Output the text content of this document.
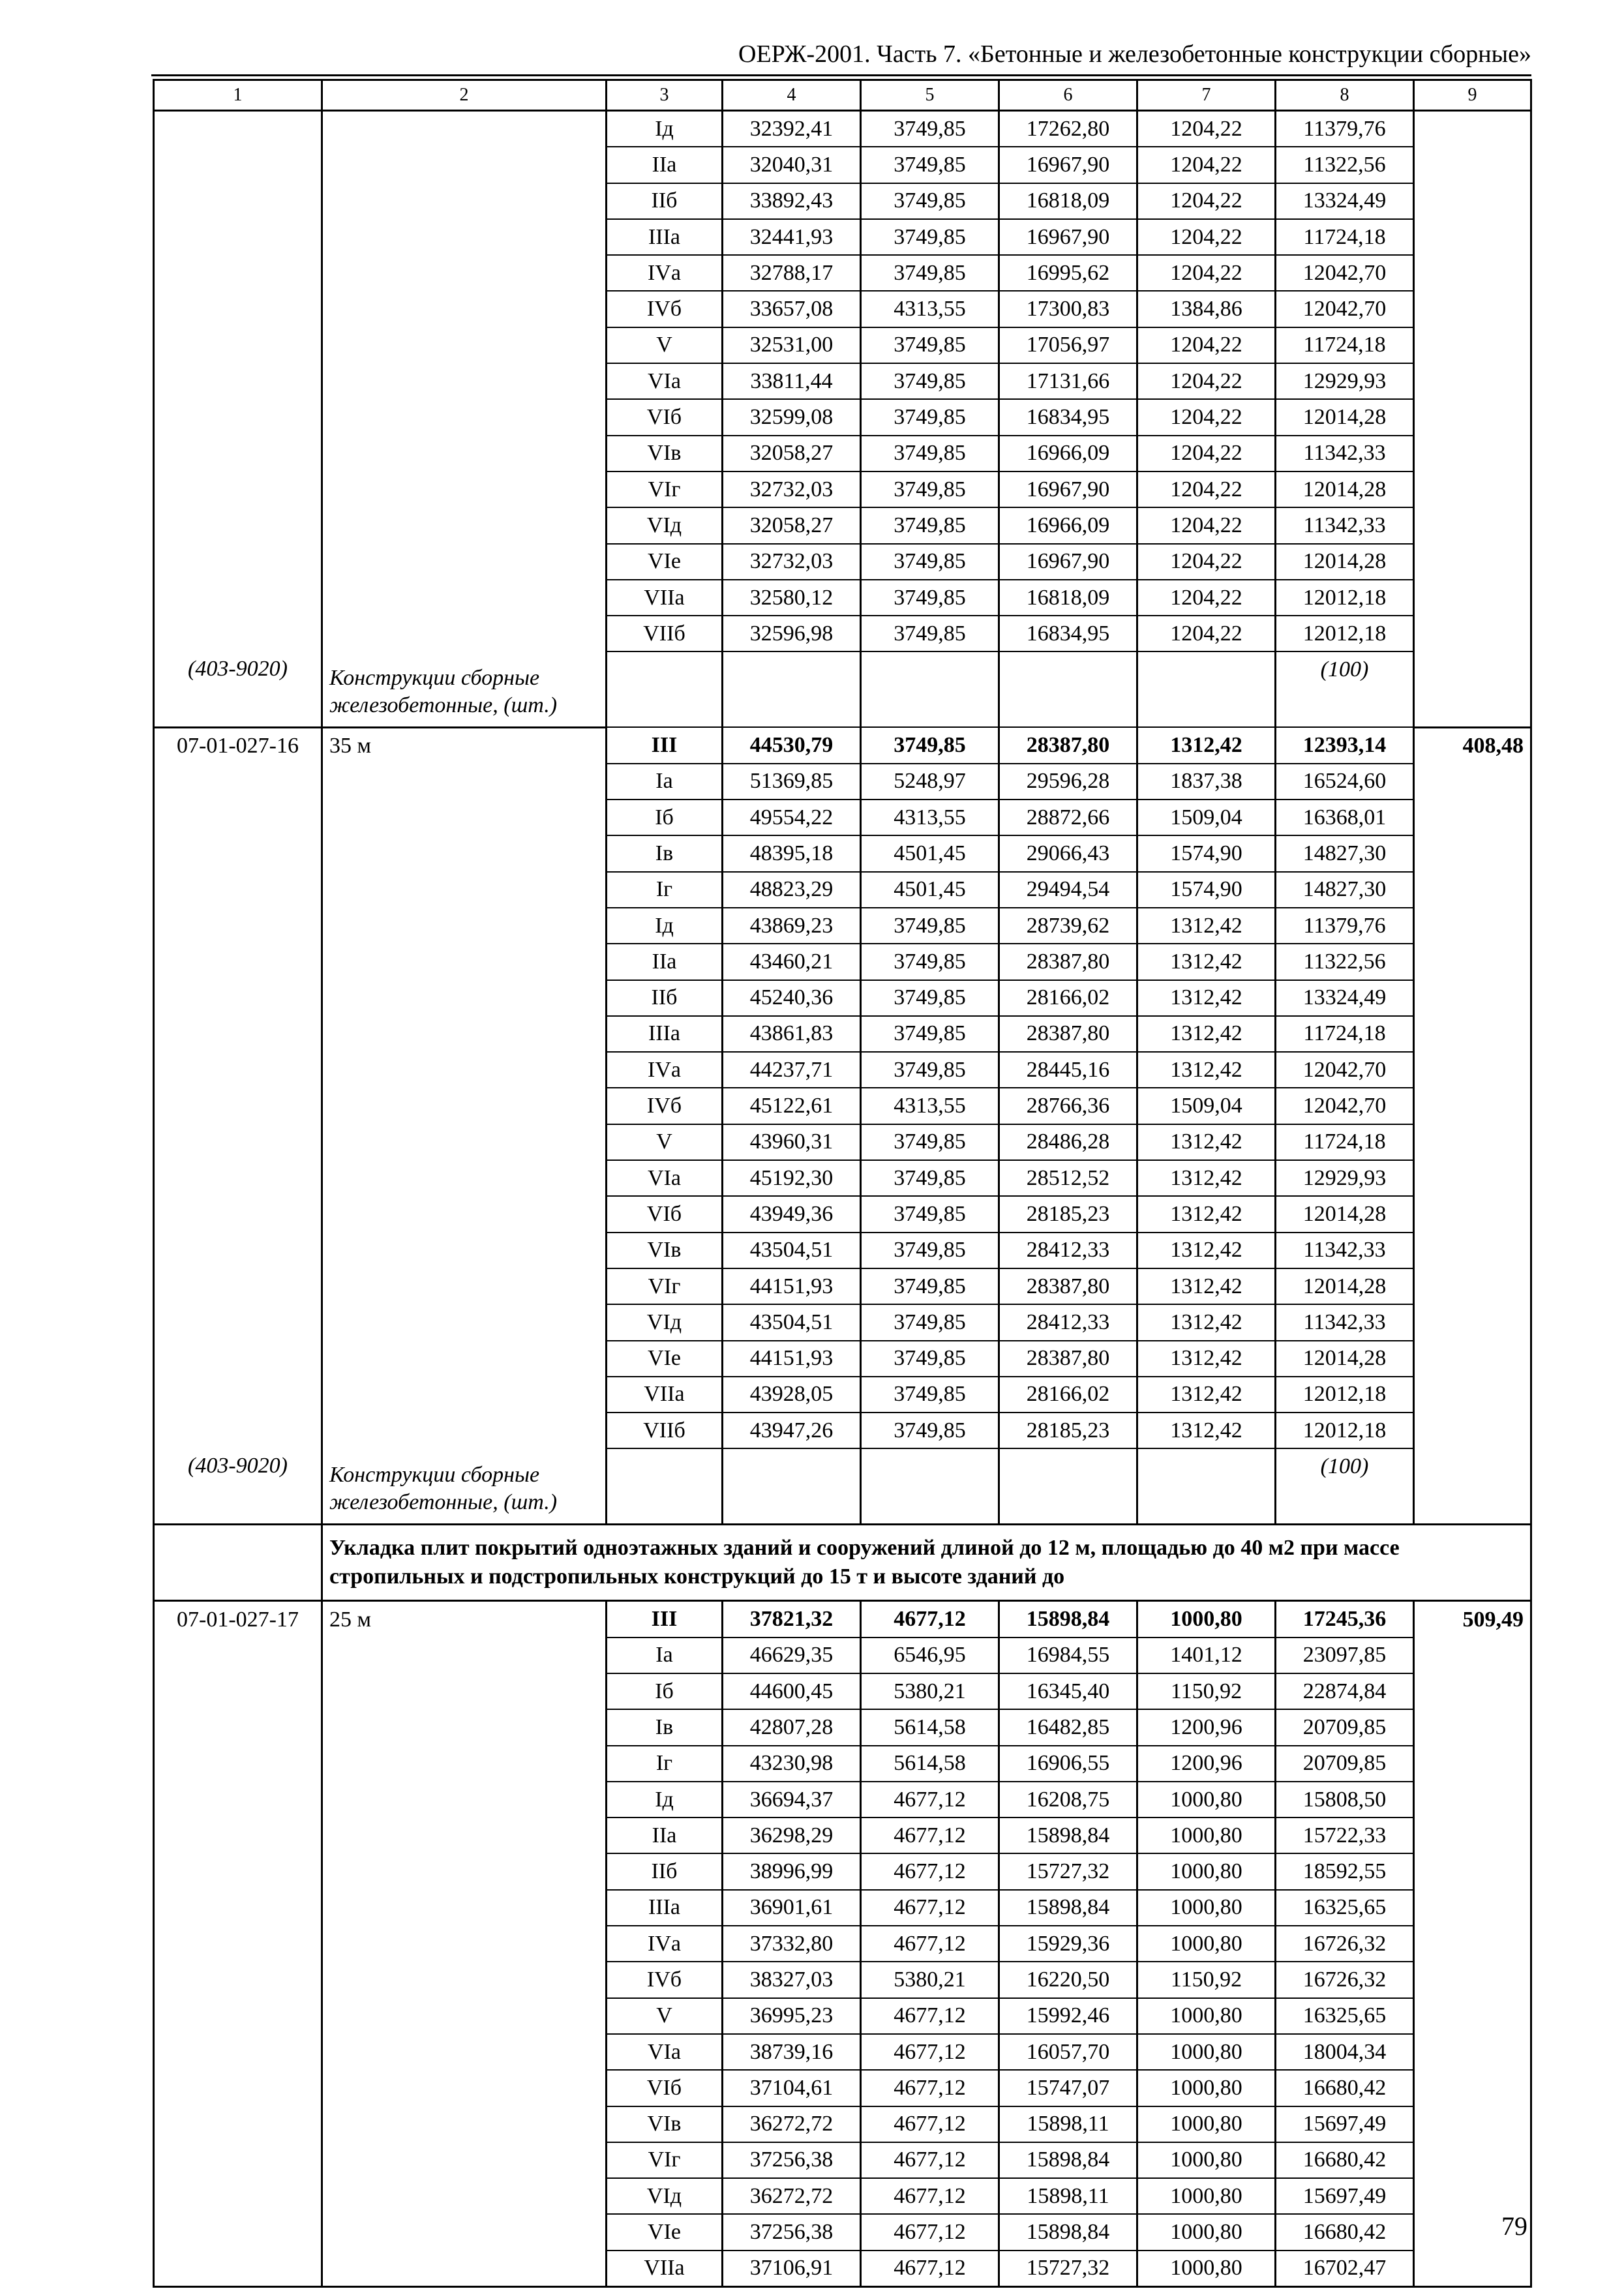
ОЕРЖ-2001. Часть 7. «Бетонные и железобетонные конструкции сборные»
1	2	3	4	5	6	7	8	9
		Iд	32392,41	3749,85	17262,80	1204,22	11379,76	
		IIа	32040,31	3749,85	16967,90	1204,22	11322,56	
		IIб	33892,43	3749,85	16818,09	1204,22	13324,49	
		IIIа	32441,93	3749,85	16967,90	1204,22	11724,18	
		IVа	32788,17	3749,85	16995,62	1204,22	12042,70	
		IVб	33657,08	4313,55	17300,83	1384,86	12042,70	
		V	32531,00	3749,85	17056,97	1204,22	11724,18	
		VIа	33811,44	3749,85	17131,66	1204,22	12929,93	
		VIб	32599,08	3749,85	16834,95	1204,22	12014,28	
		VIв	32058,27	3749,85	16966,09	1204,22	11342,33	
		VIг	32732,03	3749,85	16967,90	1204,22	12014,28	
		VIд	32058,27	3749,85	16966,09	1204,22	11342,33	
		VIе	32732,03	3749,85	16967,90	1204,22	12014,28	
		VIIа	32580,12	3749,85	16818,09	1204,22	12012,18	
		VIIб	32596,98	3749,85	16834,95	1204,22	12012,18	
(403-9020)	Конструкции сборные железобетонные, (шт.)						(100)	
07-01-027-16	35 м	III	44530,79	3749,85	28387,80	1312,42	12393,14	408,48
		Iа	51369,85	5248,97	29596,28	1837,38	16524,60	
		Iб	49554,22	4313,55	28872,66	1509,04	16368,01	
		Iв	48395,18	4501,45	29066,43	1574,90	14827,30	
		Iг	48823,29	4501,45	29494,54	1574,90	14827,30	
		Iд	43869,23	3749,85	28739,62	1312,42	11379,76	
		IIа	43460,21	3749,85	28387,80	1312,42	11322,56	
		IIб	45240,36	3749,85	28166,02	1312,42	13324,49	
		IIIа	43861,83	3749,85	28387,80	1312,42	11724,18	
		IVа	44237,71	3749,85	28445,16	1312,42	12042,70	
		IVб	45122,61	4313,55	28766,36	1509,04	12042,70	
		V	43960,31	3749,85	28486,28	1312,42	11724,18	
		VIа	45192,30	3749,85	28512,52	1312,42	12929,93	
		VIб	43949,36	3749,85	28185,23	1312,42	12014,28	
		VIв	43504,51	3749,85	28412,33	1312,42	11342,33	
		VIг	44151,93	3749,85	28387,80	1312,42	12014,28	
		VIд	43504,51	3749,85	28412,33	1312,42	11342,33	
		VIе	44151,93	3749,85	28387,80	1312,42	12014,28	
		VIIа	43928,05	3749,85	28166,02	1312,42	12012,18	
		VIIб	43947,26	3749,85	28185,23	1312,42	12012,18	
(403-9020)	Конструкции сборные железобетонные, (шт.)						(100)	
	Укладка плит покрытий одноэтажных зданий и сооружений длиной до 12 м, площадью до 40 м2 при массе стропильных и подстропильных конструкций до 15 т и высоте зданий до							
07-01-027-17	25 м	III	37821,32	4677,12	15898,84	1000,80	17245,36	509,49
		Iа	46629,35	6546,95	16984,55	1401,12	23097,85	
		Iб	44600,45	5380,21	16345,40	1150,92	22874,84	
		Iв	42807,28	5614,58	16482,85	1200,96	20709,85	
		Iг	43230,98	5614,58	16906,55	1200,96	20709,85	
		Iд	36694,37	4677,12	16208,75	1000,80	15808,50	
		IIа	36298,29	4677,12	15898,84	1000,80	15722,33	
		IIб	38996,99	4677,12	15727,32	1000,80	18592,55	
		IIIа	36901,61	4677,12	15898,84	1000,80	16325,65	
		IVа	37332,80	4677,12	15929,36	1000,80	16726,32	
		IVб	38327,03	5380,21	16220,50	1150,92	16726,32	
		V	36995,23	4677,12	15992,46	1000,80	16325,65	
		VIа	38739,16	4677,12	16057,70	1000,80	18004,34	
		VIб	37104,61	4677,12	15747,07	1000,80	16680,42	
		VIв	36272,72	4677,12	15898,11	1000,80	15697,49	
		VIг	37256,38	4677,12	15898,84	1000,80	16680,42	
		VIд	36272,72	4677,12	15898,11	1000,80	15697,49	
		VIе	37256,38	4677,12	15898,84	1000,80	16680,42	
		VIIа	37106,91	4677,12	15727,32	1000,80	16702,47	
79
